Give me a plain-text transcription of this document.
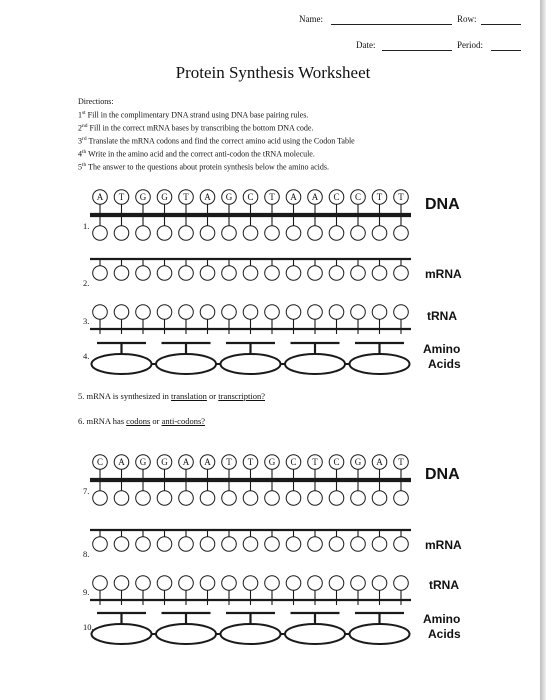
Name:	Row:
Date:	Period:
Protein Synthesis Worksheet
Directions:
1st Fill in the complimentary DNA strand using DNA base pairing rules.
2nd Fill in the correct mRNA bases by transcribing the bottom DNA code.
3rd Translate the mRNA codons and find the correct amino acid using the Codon Table
4th Write in the amino acid and the correct anti-codon the tRNA molecule.
5th The answer to the questions about protein synthesis below the amino acids.
5. mRNA is synthesized in translation or transcription?
6. mRNA has codons or anti-codons?
A T G G T A G C T A A C C T T
1.
2.
3.
4.
C A G G A A T T G C T C G A T
7.
8.
9.
10.
DNA
mRNA
tRNA
Amino
Acids
DNA
mRNA
tRNA
Amino
Acids
